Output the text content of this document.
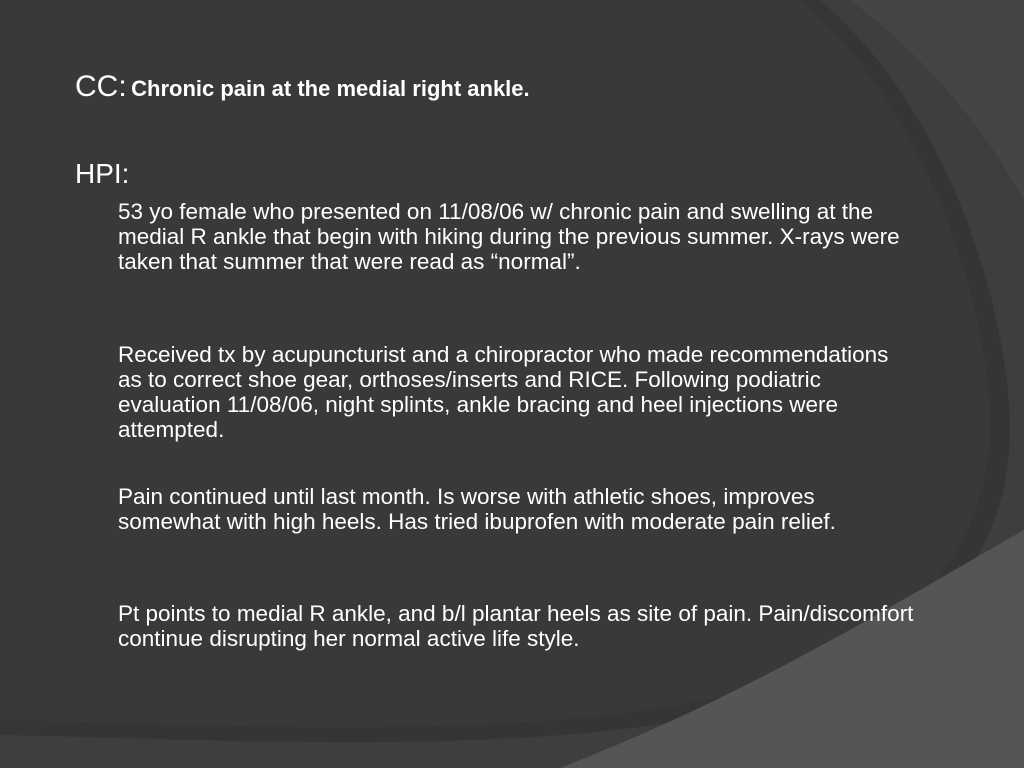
CC: Chronic pain at the medial right ankle.
HPI:

53 yo female who presented on 11/08/06 w/ chronic pain and swelling at the medial R ankle that begin with hiking during the previous summer. X-rays were taken that summer that were read as “normal”.

Received tx by acupuncturist and a chiropractor who made recommendations as to correct shoe gear, orthoses/inserts and RICE. Following podiatric evaluation 11/08/06, night splints, ankle bracing and heel injections were attempted.

Pain continued until last month. Is worse with athletic shoes, improves somewhat with high heels. Has tried ibuprofen with moderate pain relief.

Pt points to medial R ankle, and b/l plantar heels as site of pain. Pain/discomfort continue disrupting her normal active life style.
